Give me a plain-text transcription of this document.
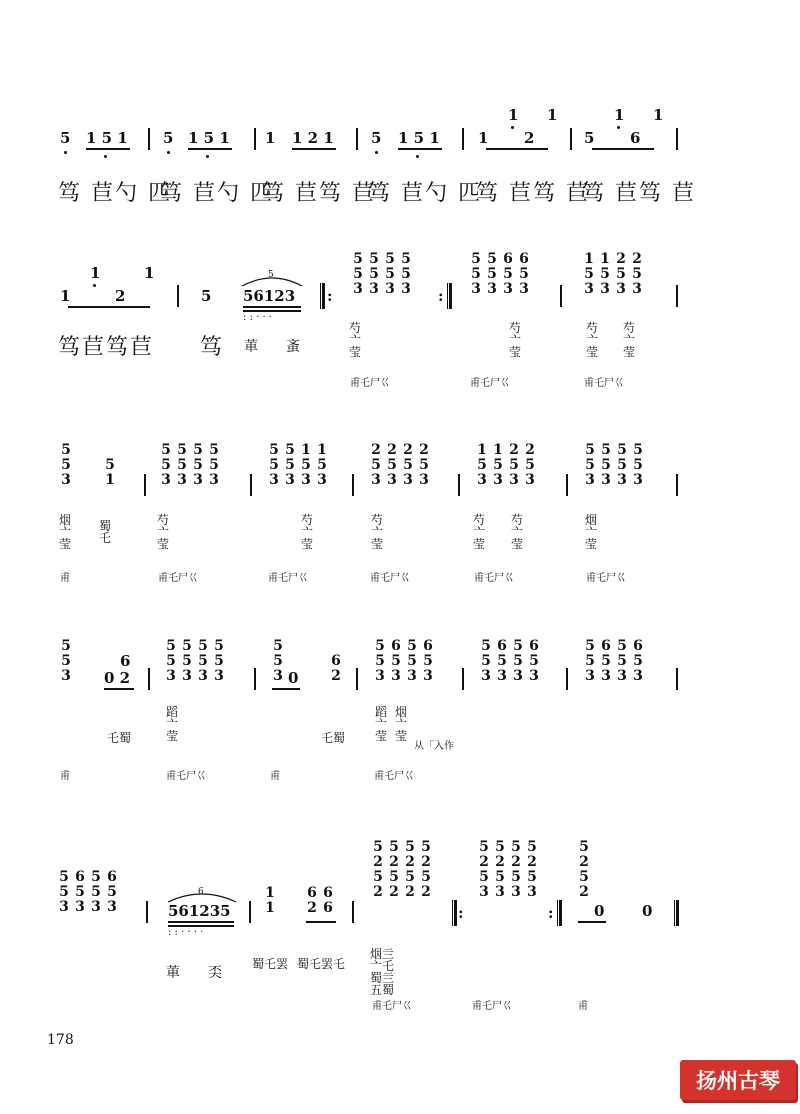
5 1 5 1 5 1 5 1 1 1 2 1 5 1 5 1	1
1 1
2	5
1 1
6
笃 苣勺 匹
笃 苣勺 匹
笃 苣笃 苣
笃 苣勺 匹
笃 苣笃 苣
笃 苣笃 苣
1
1
2
1
5
5
56123
: : · · ·
:
5
5
3
5
5
3
5
5
3
5
5
3 :
5
5
3
5
5
3
6
5
3
6
5
3
1
5
3
1
5
3
2
5
3
2
5
3
笃苣笃苣 笃 莗 蚉
芍
亠
莹
芍
亠
莹
芍
亠
莹
芍
亠
莹
甫乇尸巜	甫乇尸巜	甫乇尸巜
5
5
3
5
1
5
5
3
5
5
3
5
5
3
5
5
3
5
5
3
5
5
3
1
5
3
1
5
3
2
5
3
2
5
3
2
5
3
2
5
3
1
5
3
1
5
3
2
5
3
2
5
3
5
5
3
5
5
3
5
5
3
5
5
3
烟
亠
莹
蜀
乇
芍
亠
莹
芍
亠
莹
芍
亠
莹
芍
亠
莹
芍
亠
莹
烟
亠
莹
甫	甫乇尸巜	甫乇尸巜	甫乇尸巜	甫乇尸巜	甫乇尸巜
5
5
3 0 2
6
5
5
3
5
5
3
5
5
3
5
5
3
5
5
3 0
6
2
5
5
3
6
5
3
5
5
3
6
5
3
5
5
3
6
5
3
5
5
3
6
5
3
5
5
3
6
5
3
5
5
3
6
5
3
乇蜀
蹈
亠
莹	乇蜀
蹈
亠
莹
烟
亠
莹
从「入作
甫	甫乇尸巜	甫	甫乇尸巜
5
5
3
6
5
3
5
5
3
6
5
3
6
561235
: : · · · ·
1
1
6
2
6
6
5
2
5
2
5
2
5
2
5
2
5
2
5
2
5
2
:
5
2
5
3
5
2
5
3
5
2
5
3
5
2
5
3
:
5
2
5
2
0	0
莗 奀
蜀乇罢 蜀乇罢乇
烟亖
亠乇
蜀亖
五蜀
甫乇尸巜	甫乇尸巜	甫
178
扬州古琴
